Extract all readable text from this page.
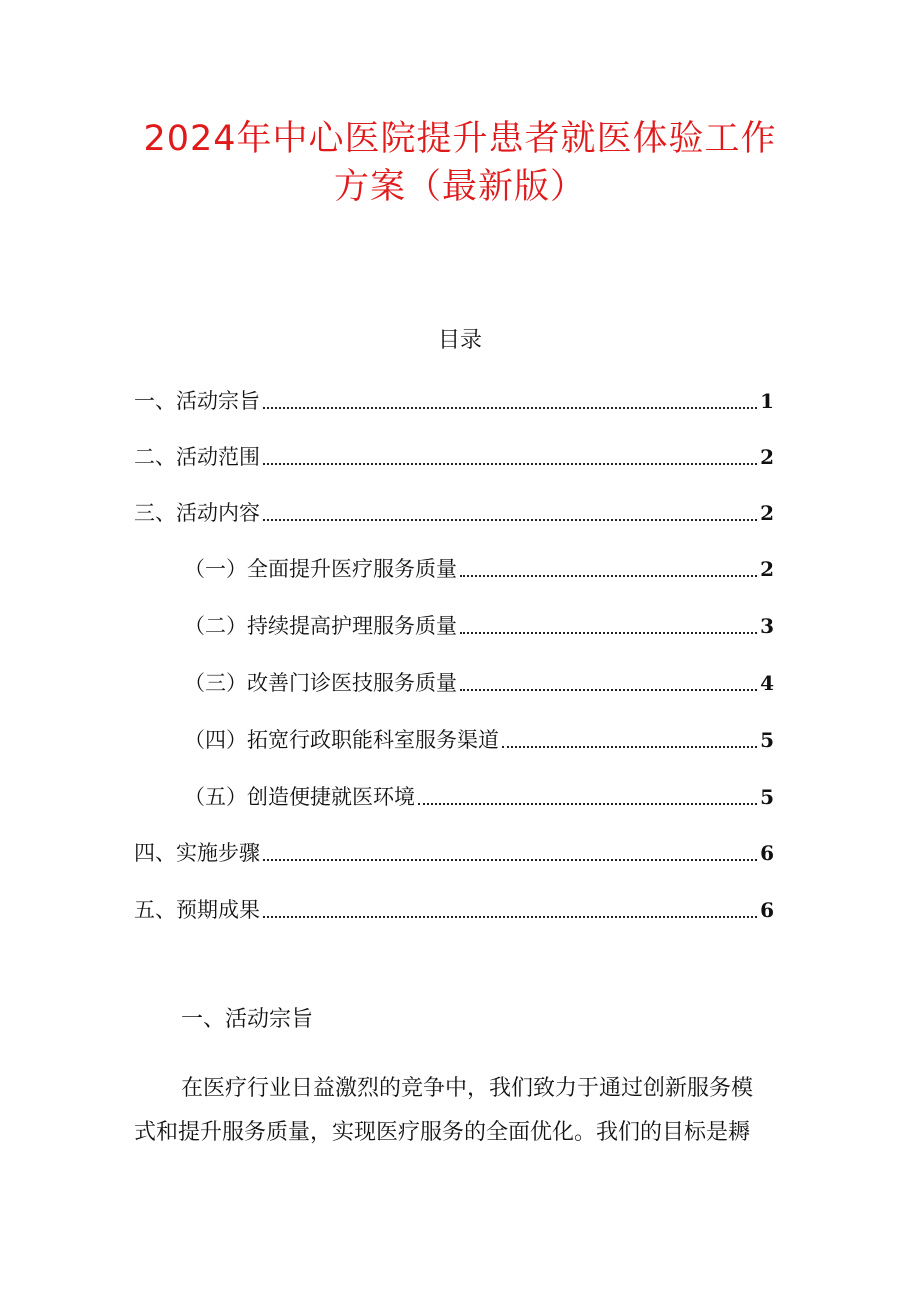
2024年中心医院提升患者就医体验工作
方案（最新版）
目录
一、活动宗旨	1
二、活动范围	2
三、活动内容	2
（一）全面提升医疗服务质量	2
（二）持续提高护理服务质量	3
（三）改善门诊医技服务质量	4
（四）拓宽行政职能科室服务渠道	5
（五）创造便捷就医环境	5
四、实施步骤	6
五、预期成果	6
一、活动宗旨
在医疗行业日益激烈的竞争中，我们致力于通过创新服务模
式和提升服务质量，实现医疗服务的全面优化。我们的目标是耨
